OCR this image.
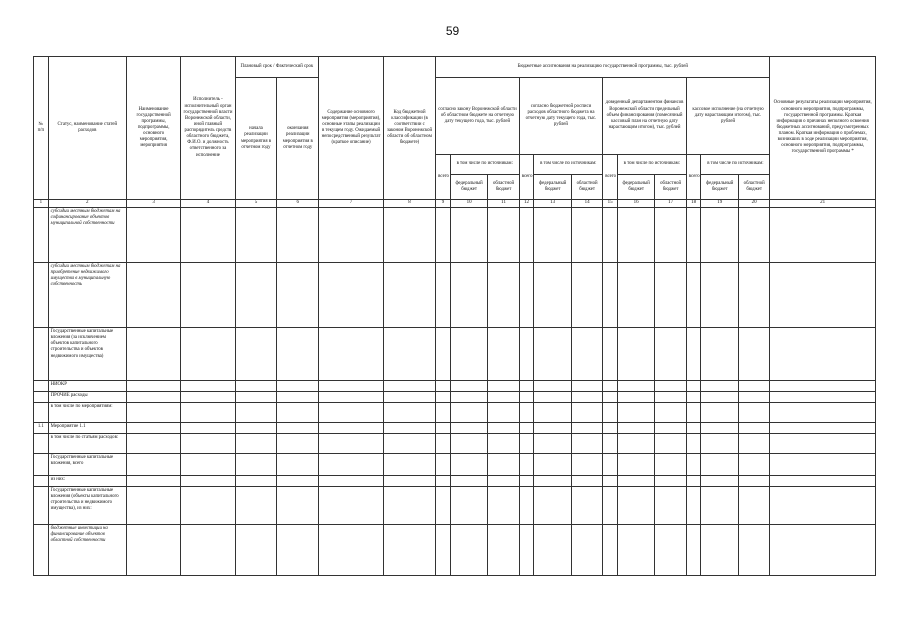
59
№ п/п	Статус, наименование статей расходов	Наименование государственной программы, подпрограммы, основного мероприятия, мероприятия	Исполнитель - исполнительный орган государственной власти Воронежской области, иной главный распорядитель средств областного бюджета, Ф.И.О. и должность ответственного за исполнение	Плановый срок / Фактический срок		Содержание основного мероприятия (мероприятия), основные этапы реализации в текущем году. Ожидаемый непосредственный результат (краткое описание)	Код бюджетной классификации (в соответствии с законом Воронежской области об областном бюджете)	Бюджетные ассигнования на реализацию государственной программы, тыс. рублей												Основные результаты реализации мероприятия, основного мероприятия, подпрограммы, государственной программы. Краткая информация о причинах неполного освоения бюджетных ассигнований, предусмотренных планом. Краткая информация о проблемах, возникших в ходе реализации мероприятия, основного мероприятия, подпрограммы, государственной программы *
				начала реализации мероприятия в отчетном году	окончания реализации мероприятия в отчетном году			согласно закону Воронежской области об областном бюджете на отчетную дату текущего года, тыс. рублей			согласно бюджетной росписи расходов областного бюджета на отчетную дату текущего года, тыс. рублей			доведенный департаментом финансов Воронежской области предельный объем финансирования (помесячный кассовый план на отчетную дату нарастающим итогом), тыс. рублей			кассовое исполнение (на отчетную дату нарастающим итогом), тыс. рублей			
								всего	в том числе по источникам:		всего	в том числе по источникам:		всего	в том числе по источникам:		всего	в том числе по источникам:		
									федеральный бюджет	областной бюджет		федеральный бюджет	областной бюджет		федеральный бюджет	областной бюджет		федеральный бюджет	областной бюджет	
1	2	3	4	5	6	7	8	9	10	11	12	13	14	15	16	17	18	19	20	21
	субсидии местным бюджетам на софинансирование объектов муниципальной собственности																			
	субсидии местным бюджетам на приобретение недвижимого имущества в муниципальную собственность																			
	Государственные капитальные вложения (за исключением объектов капитального строительства и объектов недвижимого имущества)																			
	НИОКР																			
	ПРОЧИЕ расходы																			
	в том числе по мероприятиям:																			
1.1	Мероприятие 1.1																			
	в том числе по статьям расходов:																			
	Государственные капитальные вложения, всего																			
	из них:																			
	Государственные капитальные вложения (объекты капитального строительства и недвижимого имущества), из них:																			
	бюджетные инвестиции на финансирование объектов областной собственности																			
